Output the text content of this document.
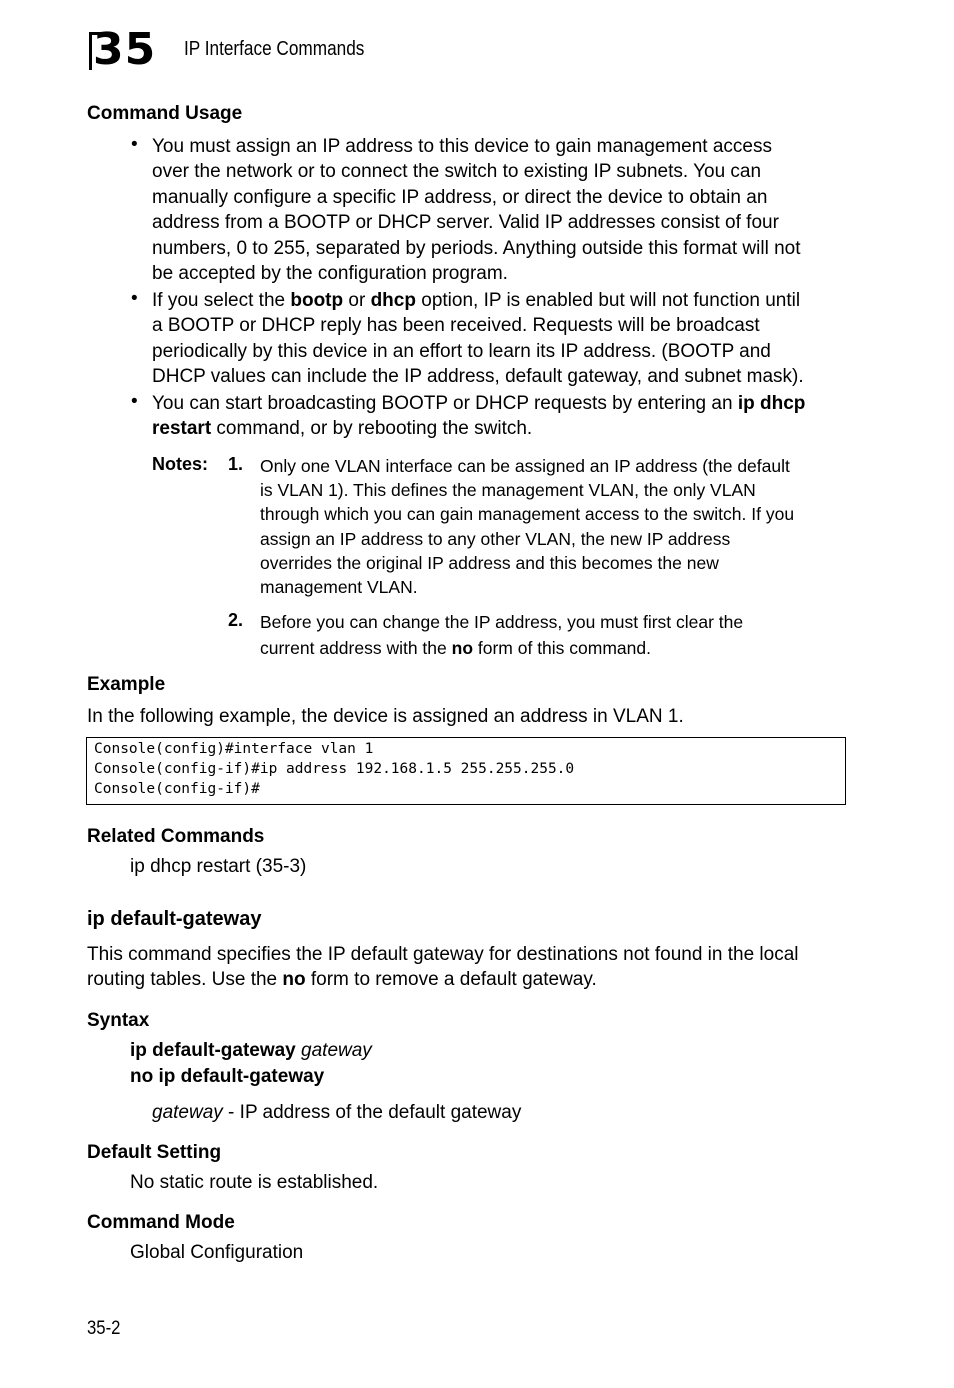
35 IP Interface Commands
Command Usage
• You must assign an IP address to this device to gain management access
over the network or to connect the switch to existing IP subnets. You can
manually configure a specific IP address, or direct the device to obtain an
address from a BOOTP or DHCP server. Valid IP addresses consist of four
numbers, 0 to 255, separated by periods. Anything outside this format will not
be accepted by the configuration program.
• If you select the bootp or dhcp option, IP is enabled but will not function until
a BOOTP or DHCP reply has been received. Requests will be broadcast
periodically by this device in an effort to learn its IP address. (BOOTP and
DHCP values can include the IP address, default gateway, and subnet mask).
• You can start broadcasting BOOTP or DHCP requests by entering an ip dhcp
restart command, or by rebooting the switch.
Notes: 1. Only one VLAN interface can be assigned an IP address (the default
is VLAN 1). This defines the management VLAN, the only VLAN
through which you can gain management access to the switch. If you
assign an IP address to any other VLAN, the new IP address
overrides the original IP address and this becomes the new
management VLAN.
2. Before you can change the IP address, you must first clear the
current address with the no form of this command.
Example
In the following example, the device is assigned an address in VLAN 1.
Console(config)#interface vlan 1
Console(config-if)#ip address 192.168.1.5 255.255.255.0
Console(config-if)#
Related Commands
ip dhcp restart (35-3)
ip default-gateway
This command specifies the IP default gateway for destinations not found in the local
routing tables. Use the no form to remove a default gateway.
Syntax
ip default-gateway gateway
no ip default-gateway
gateway - IP address of the default gateway
Default Setting
No static route is established.
Command Mode
Global Configuration
35-2
